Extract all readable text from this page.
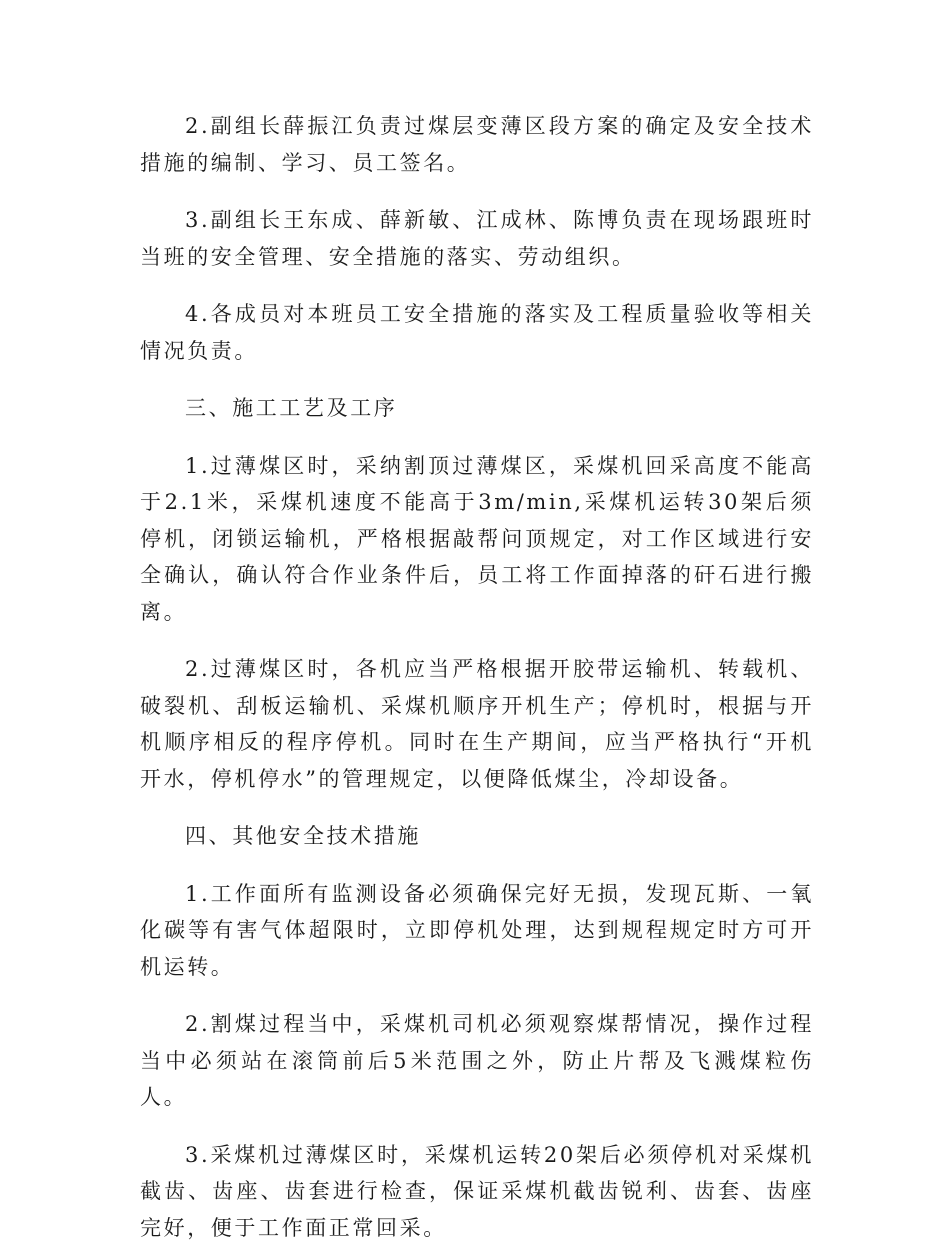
2.副组长薛振江负责过煤层变薄区段方案的确定及安全技术措施的编制、学习、员工签名。

3.副组长王东成、薛新敏、江成林、陈博负责在现场跟班时当班的安全管理、安全措施的落实、劳动组织。

4.各成员对本班员工安全措施的落实及工程质量验收等相关情况负责。

三、施工工艺及工序

1.过薄煤区时，采纳割顶过薄煤区，采煤机回采高度不能高于2.1米，采煤机速度不能高于3m/min,采煤机运转30架后须停机，闭锁运输机，严格根据敲帮问顶规定，对工作区域进行安全确认，确认符合作业条件后，员工将工作面掉落的矸石进行搬离。

2.过薄煤区时，各机应当严格根据开胶带运输机、转载机、破裂机、刮板运输机、采煤机顺序开机生产；停机时，根据与开机顺序相反的程序停机。同时在生产期间，应当严格执行“开机开水，停机停水”的管理规定，以便降低煤尘，冷却设备。

四、其他安全技术措施

1.工作面所有监测设备必须确保完好无损，发现瓦斯、一氧化碳等有害气体超限时，立即停机处理，达到规程规定时方可开机运转。

2.割煤过程当中，采煤机司机必须观察煤帮情况，操作过程当中必须站在滚筒前后5米范围之外，防止片帮及飞溅煤粒伤人。

3.采煤机过薄煤区时，采煤机运转20架后必须停机对采煤机截齿、齿座、齿套进行检查，保证采煤机截齿锐利、齿套、齿座完好，便于工作面正常回采。
